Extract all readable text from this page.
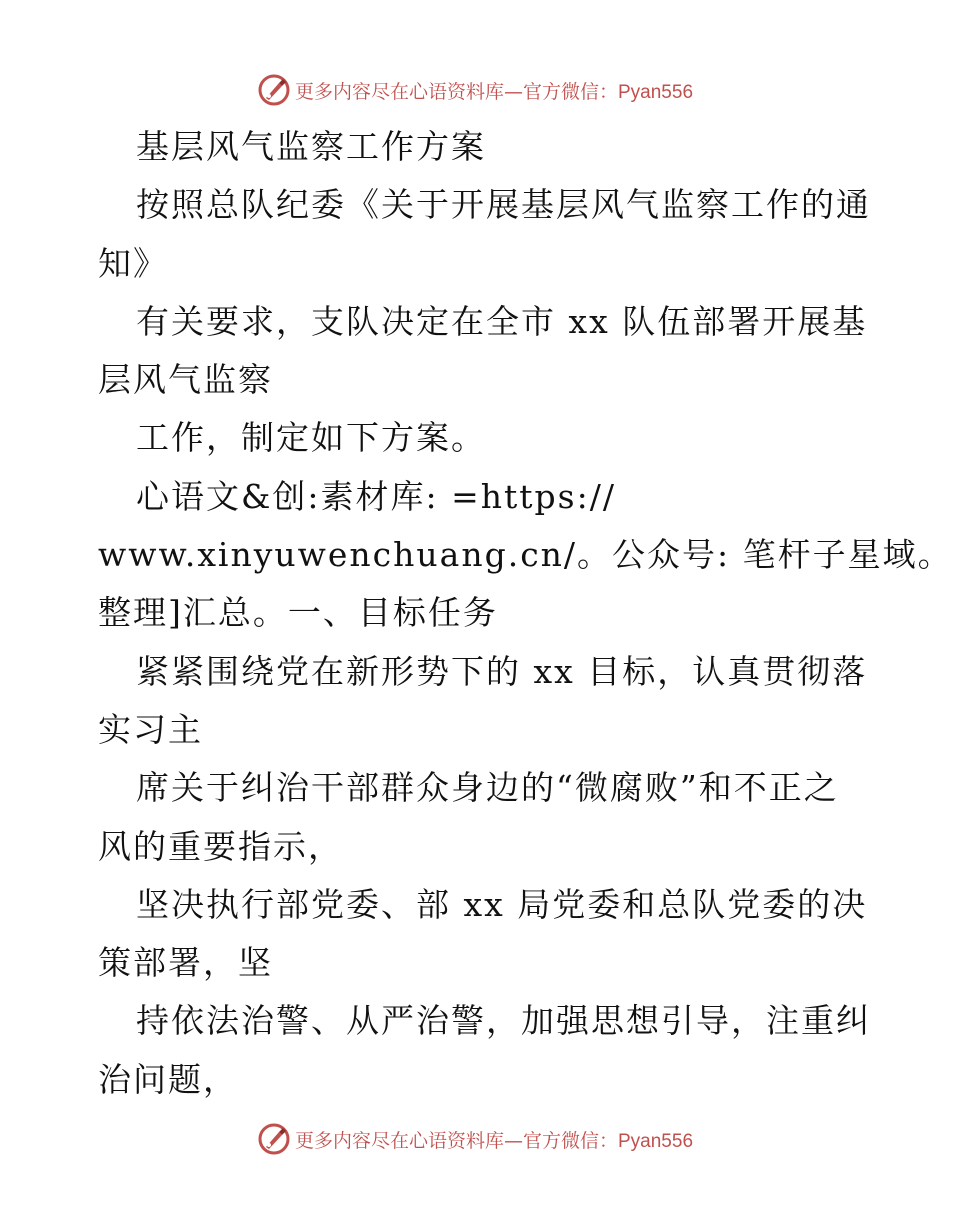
更多内容尽在心语资料库—官方微信：Pyan556
基层风气监察工作方案
按照总队纪委《关于开展基层风气监察工作的通
知》
有关要求，支队决定在全市 xx 队伍部署开展基
层风气监察
工作，制定如下方案。
心语文&创:素材库: =https://
www.xinyuwenchuang.cn/。公众号: 笔杆子星域。
整理]汇总。一、目标任务
紧紧围绕党在新形势下的 xx 目标，认真贯彻落
实习主
席关于纠治干部群众身边的“微腐败”和不正之
风的重要指示，
坚决执行部党委、部 xx 局党委和总队党委的决
策部署，坚
持依法治警、从严治警，加强思想引导，注重纠
治问题，
更多内容尽在心语资料库—官方微信：Pyan556
